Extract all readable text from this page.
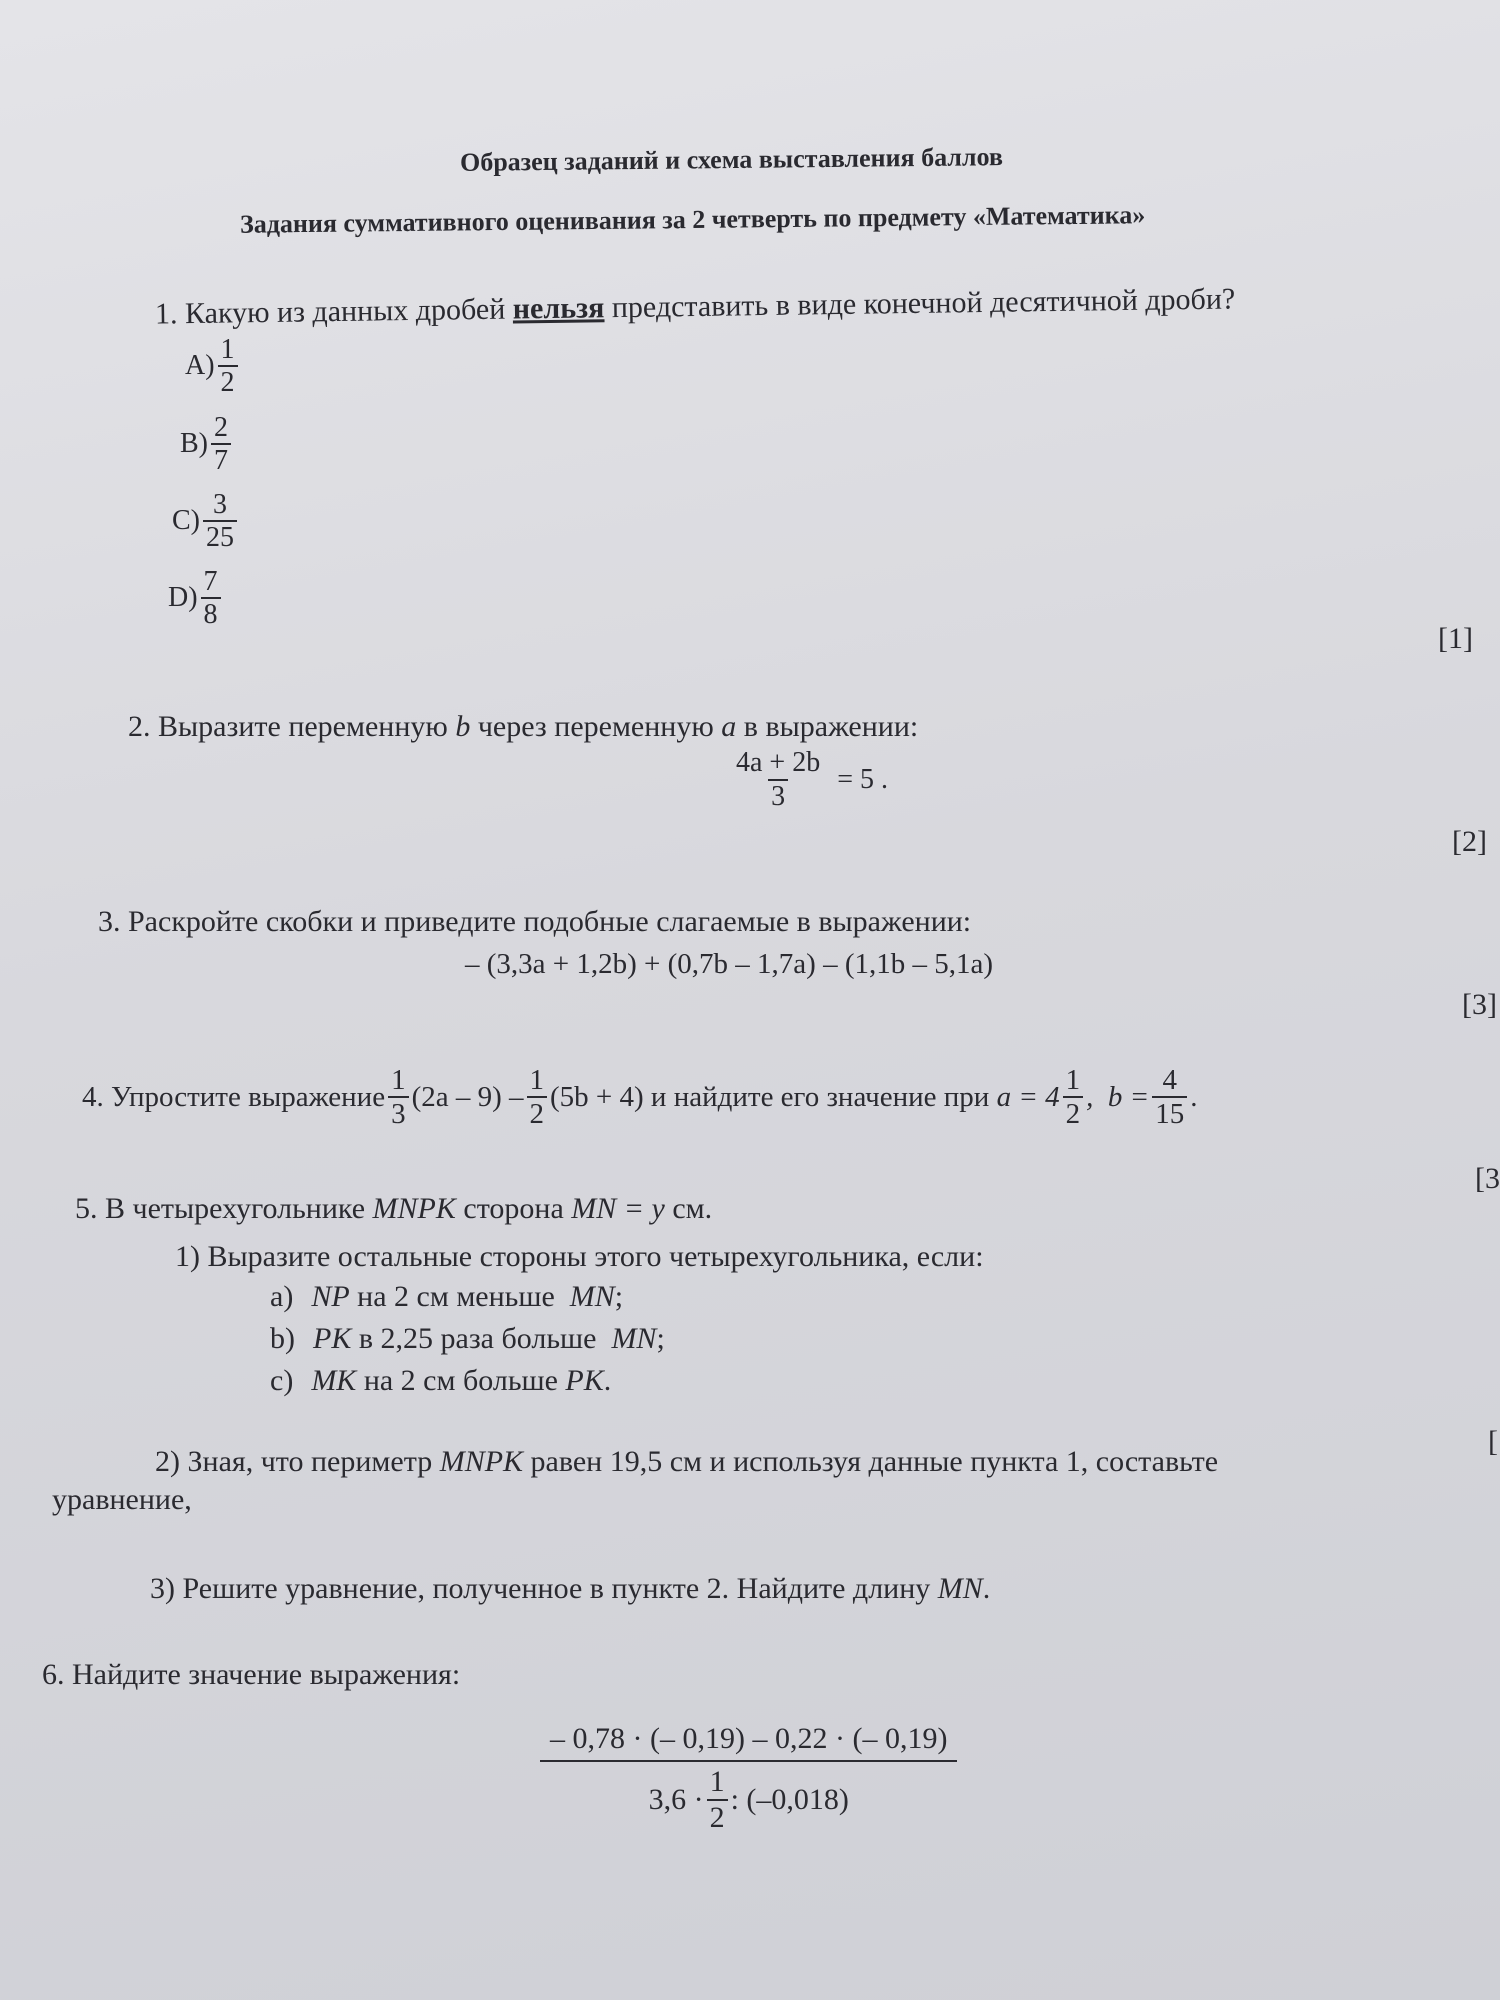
Образец заданий и схема выставления баллов
Задания суммативного оценивания за 2 четверть по предмету «Математика»
1. Какую из данных дробей нельзя представить в виде конечной десятичной дроби?
$A) \frac{1}{2}$
$B) \frac{2}{7}$
$C) \frac{3}{25}$
$D) \frac{7}{8}$
[1]
2. Выразите переменную b через переменную a в выражении:
$\frac{4a + 2b}{3} = 5$ .
[2]
3. Раскройте скобки и приведите подобные слагаемые в выражении:
– (3,3a + 1,2b) + (0,7b – 1,7a) – (1,1b – 5,1a)
[3]
4. Упростите выражение $\frac{1}{3} (2a - 9) - \frac{1}{2} (5b + 4)$ и найдите его значение при $a = 4 \frac{1}{2}$ ,  $b = \frac{4}{15}$ .
[3
5. В четырехугольнике MNPK сторона MN = y см.
1) Выразите остальные стороны этого четырехугольника, если:
a) NP на 2 см меньше  MN;
b) PK в 2,25 раза больше  MN;
c) MK на 2 см больше PK.
[
2) Зная, что периметр MNPK равен 19,5 см и используя данные пункта 1, составьте
уравнение,
3) Решите уравнение, полученное в пункте 2. Найдите длину MN.
6. Найдите значение выражения:
– 0,78 · (– 0,19) – 0,22 · (– 0,19)
$3,6 \cdot \frac{1}{2}$ : (–0,018)
